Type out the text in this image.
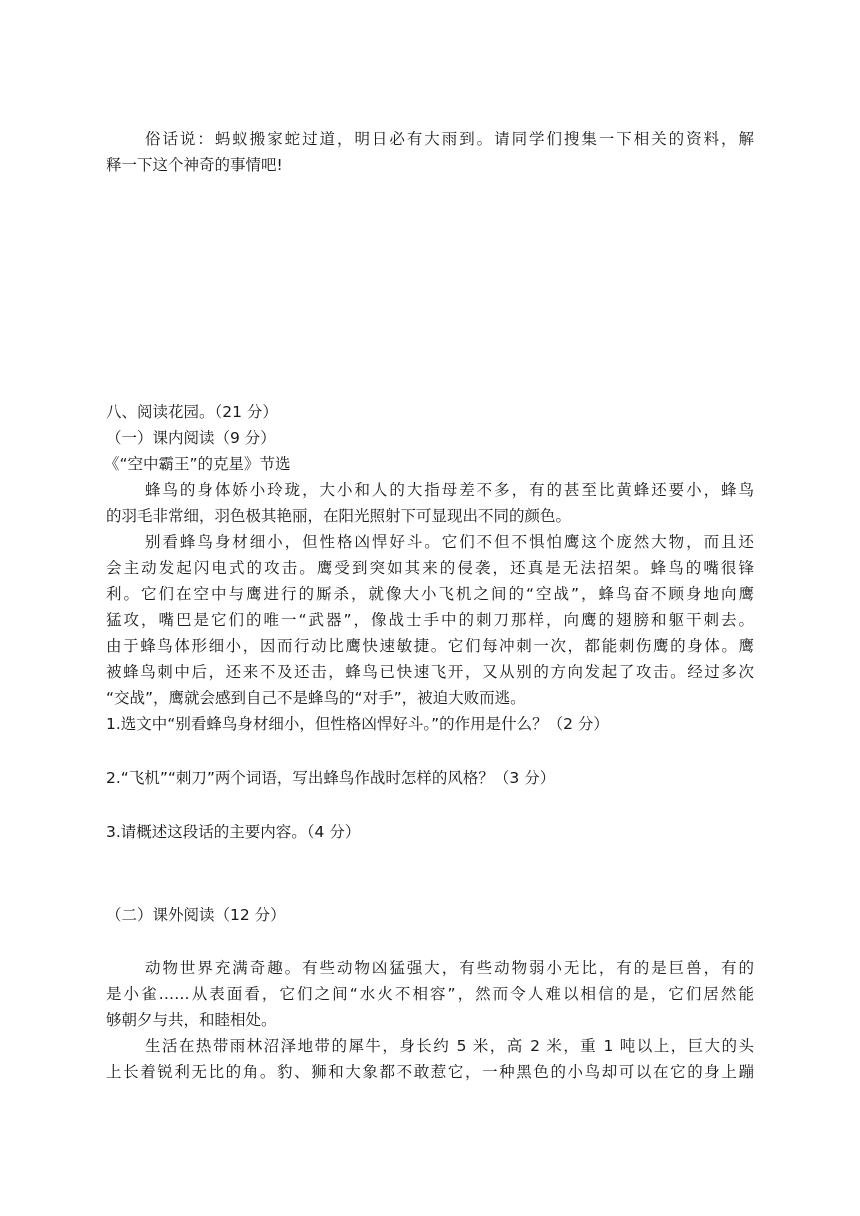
俗话说：蚂蚁搬家蛇过道，明日必有大雨到。请同学们搜集一下相关的资料，解
释一下这个神奇的事情吧!
八、阅读花园。（21 分）
（一）课内阅读（9 分）
《“空中霸王”的克星》节选
蜂鸟的身体娇小玲珑，大小和人的大指母差不多，有的甚至比黄蜂还要小，蜂鸟
的羽毛非常细，羽色极其艳丽，在阳光照射下可显现出不同的颜色。
别看蜂鸟身材细小，但性格凶悍好斗。它们不但不惧怕鹰这个庞然大物，而且还
会主动发起闪电式的攻击。鹰受到突如其来的侵袭，还真是无法招架。蜂鸟的嘴很锋
利。它们在空中与鹰进行的厮杀，就像大小飞机之间的“空战”，蜂鸟奋不顾身地向鹰
猛攻，嘴巴是它们的唯一“武器”，像战士手中的刺刀那样，向鹰的翅膀和躯干刺去。
由于蜂鸟体形细小，因而行动比鹰快速敏捷。它们每冲刺一次，都能刺伤鹰的身体。鹰
被蜂鸟刺中后，还来不及还击，蜂鸟已快速飞开，又从别的方向发起了攻击。经过多次
“交战”，鹰就会感到自己不是蜂鸟的“对手”，被迫大败而逃。
1.选文中“别看蜂鸟身材细小，但性格凶悍好斗。”的作用是什么？（2 分）
2.“飞机”“刺刀”两个词语，写出蜂鸟作战时怎样的风格？（3 分）
3.请概述这段话的主要内容。（4 分）
（二）课外阅读（12 分）
动物世界充满奇趣。有些动物凶猛强大，有些动物弱小无比，有的是巨兽，有的
是小雀……从表面看，它们之间“水火不相容”，然而令人难以相信的是，它们居然能
够朝夕与共，和睦相处。
生活在热带雨林沼泽地带的犀牛，身长约 5 米，高 2 米，重 1 吨以上，巨大的头
上长着锐利无比的角。豹、狮和大象都不敢惹它，一种黑色的小鸟却可以在它的身上蹦
